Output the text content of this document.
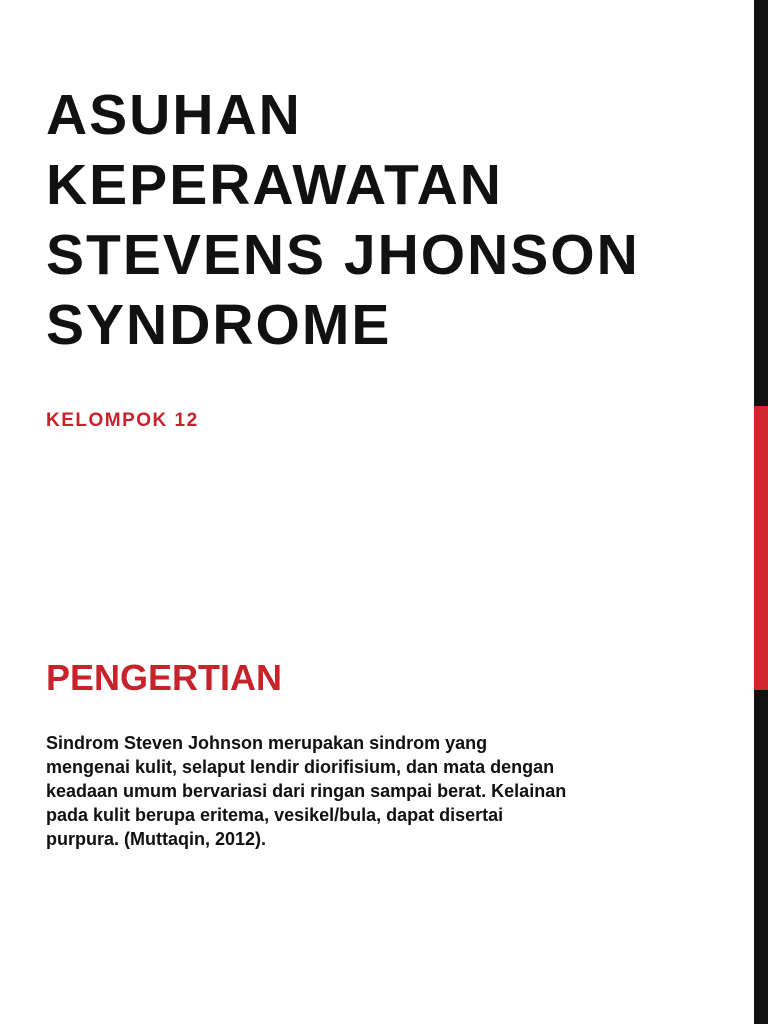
ASUHAN
KEPERAWATAN
STEVENS JHONSON
SYNDROME
KELOMPOK 12
PENGERTIAN
Sindrom Steven Johnson merupakan sindrom yang
mengenai kulit, selaput lendir diorifisium, dan mata dengan
keadaan umum bervariasi dari ringan sampai berat. Kelainan
pada kulit berupa eritema, vesikel/bula, dapat disertai
purpura. (Muttaqin, 2012).
